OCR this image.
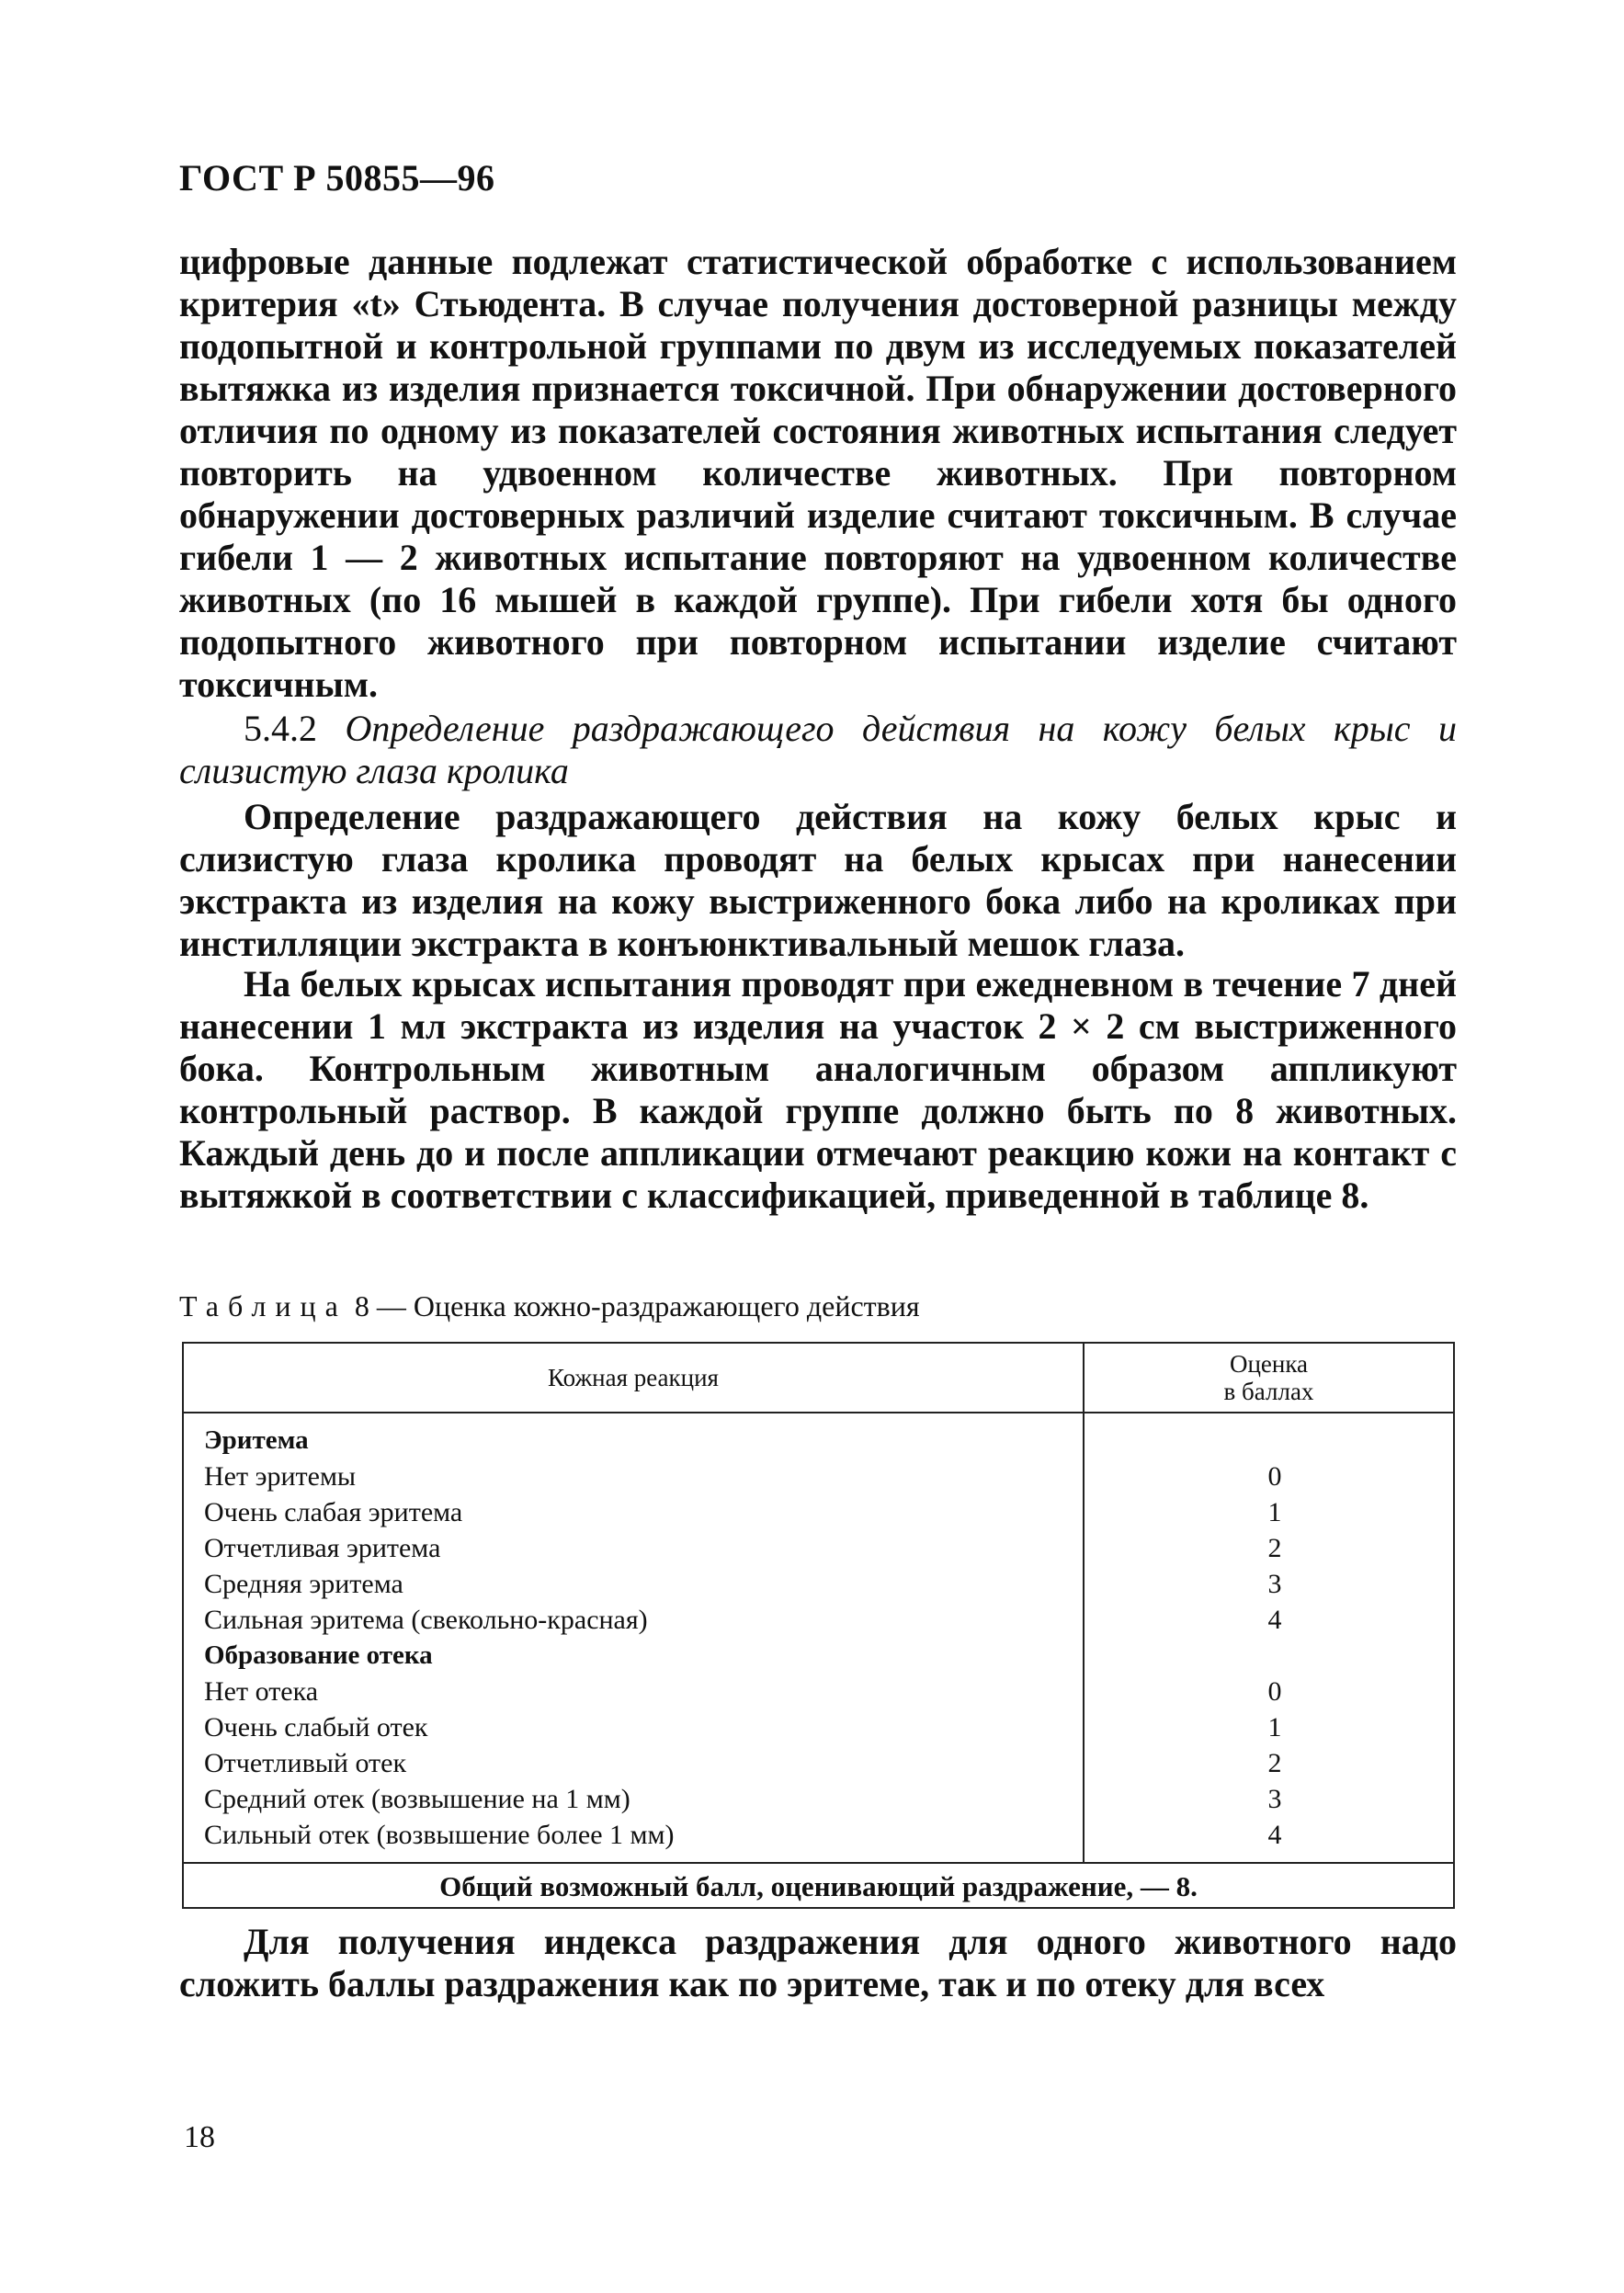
ГОСТ Р 50855—96
цифровые данные подлежат статистической обработке с использованием критерия «t» Стьюдента. В случае получения достоверной разницы между подопытной и контрольной группами по двум из исследуемых показателей вытяжка из изделия признается токсичной. При обнаружении достоверного отличия по одному из показателей состояния животных испытания следует повторить на удвоенном количестве животных. При повторном обнаружении достоверных различий изделие считают токсичным. В случае гибели 1 — 2 животных испытание повторяют на удвоенном количестве животных (по 16 мышей в каждой группе). При гибели хотя бы одного подопытного животного при повторном испытании изделие считают токсичным.
5.4.2 Определение раздражающего действия на кожу белых крыс и слизистую глаза кролика
Определение раздражающего действия на кожу белых крыс и слизистую глаза кролика проводят на белых крысах при нанесении экстракта из изделия на кожу выстриженного бока либо на кроликах при инстилляции экстракта в конъюнктивальный мешок глаза.
На белых крысах испытания проводят при ежедневном в течение 7 дней нанесении 1 мл экстракта из изделия на участок 2 × 2 см выстриженного бока. Контрольным животным аналогичным образом аппликуют контрольный раствор. В каждой группе должно быть по 8 животных. Каждый день до и после аппликации отмечают реакцию кожи на контакт с вытяжкой в соответствии с классификацией, приведенной в таблице 8.
Таблица 8 — Оценка кожно-раздражающего действия
Кожная реакция	Оценка
в баллах
Эритема
Нет эритемы	0
Очень слабая эритема	1
Отчетливая эритема	2
Средняя эритема	3
Сильная эритема (свекольно-красная)	4
Образование отека
Нет отека	0
Очень слабый отек	1
Отчетливый отек	2
Средний отек (возвышение на 1 мм)	3
Сильный отек (возвышение более 1 мм)	4
Общий возможный балл, оценивающий раздражение, — 8.
Для получения индекса раздражения для одного животного надо сложить баллы раздражения как по эритеме, так и по отеку для всех
18
